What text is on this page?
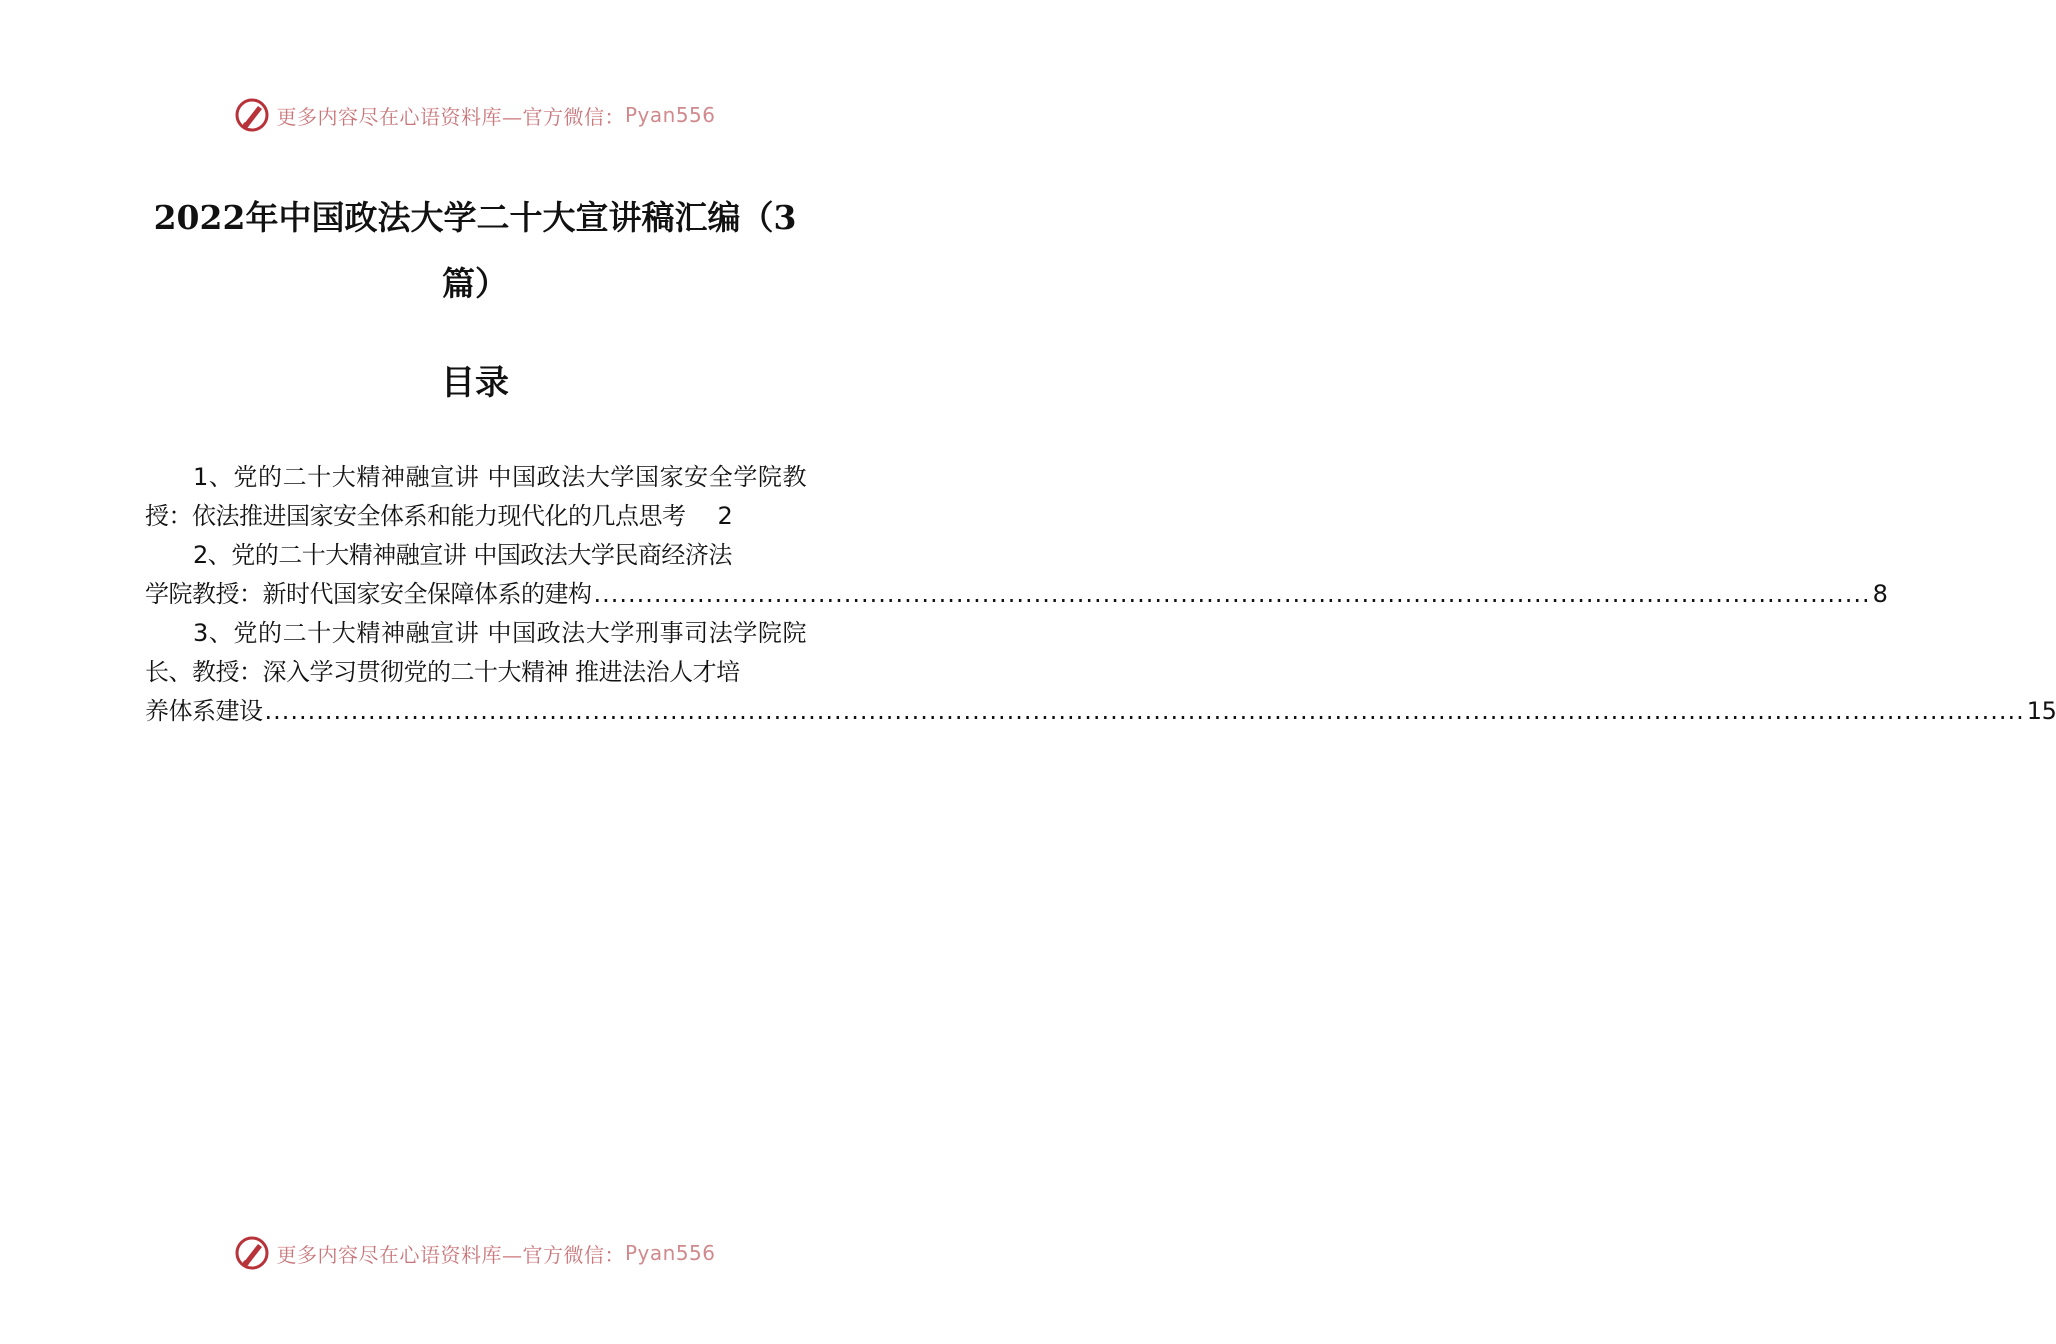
更多内容尽在心语资料库—官方微信： Pyan556
2022年中国政法大学二十大宣讲稿汇编（3篇）
目录
1、党的二十大精神融宣讲 中国政法大学国家安全学院教授：依法推进国家安全体系和能力现代化的几点思考 2
2、党的二十大精神融宣讲 中国政法大学民商经济法
学院教授：新时代国家安全保障体系的建构 .................................................................................................................................................... 8
3、党的二十大精神融宣讲 中国政法大学刑事司法学院院长、教授：深入学习贯彻党的二十大精神 推进法治人才培
养体系建设 ............................................................................................................................................................................................................ 15
更多内容尽在心语资料库—官方微信： Pyan556
